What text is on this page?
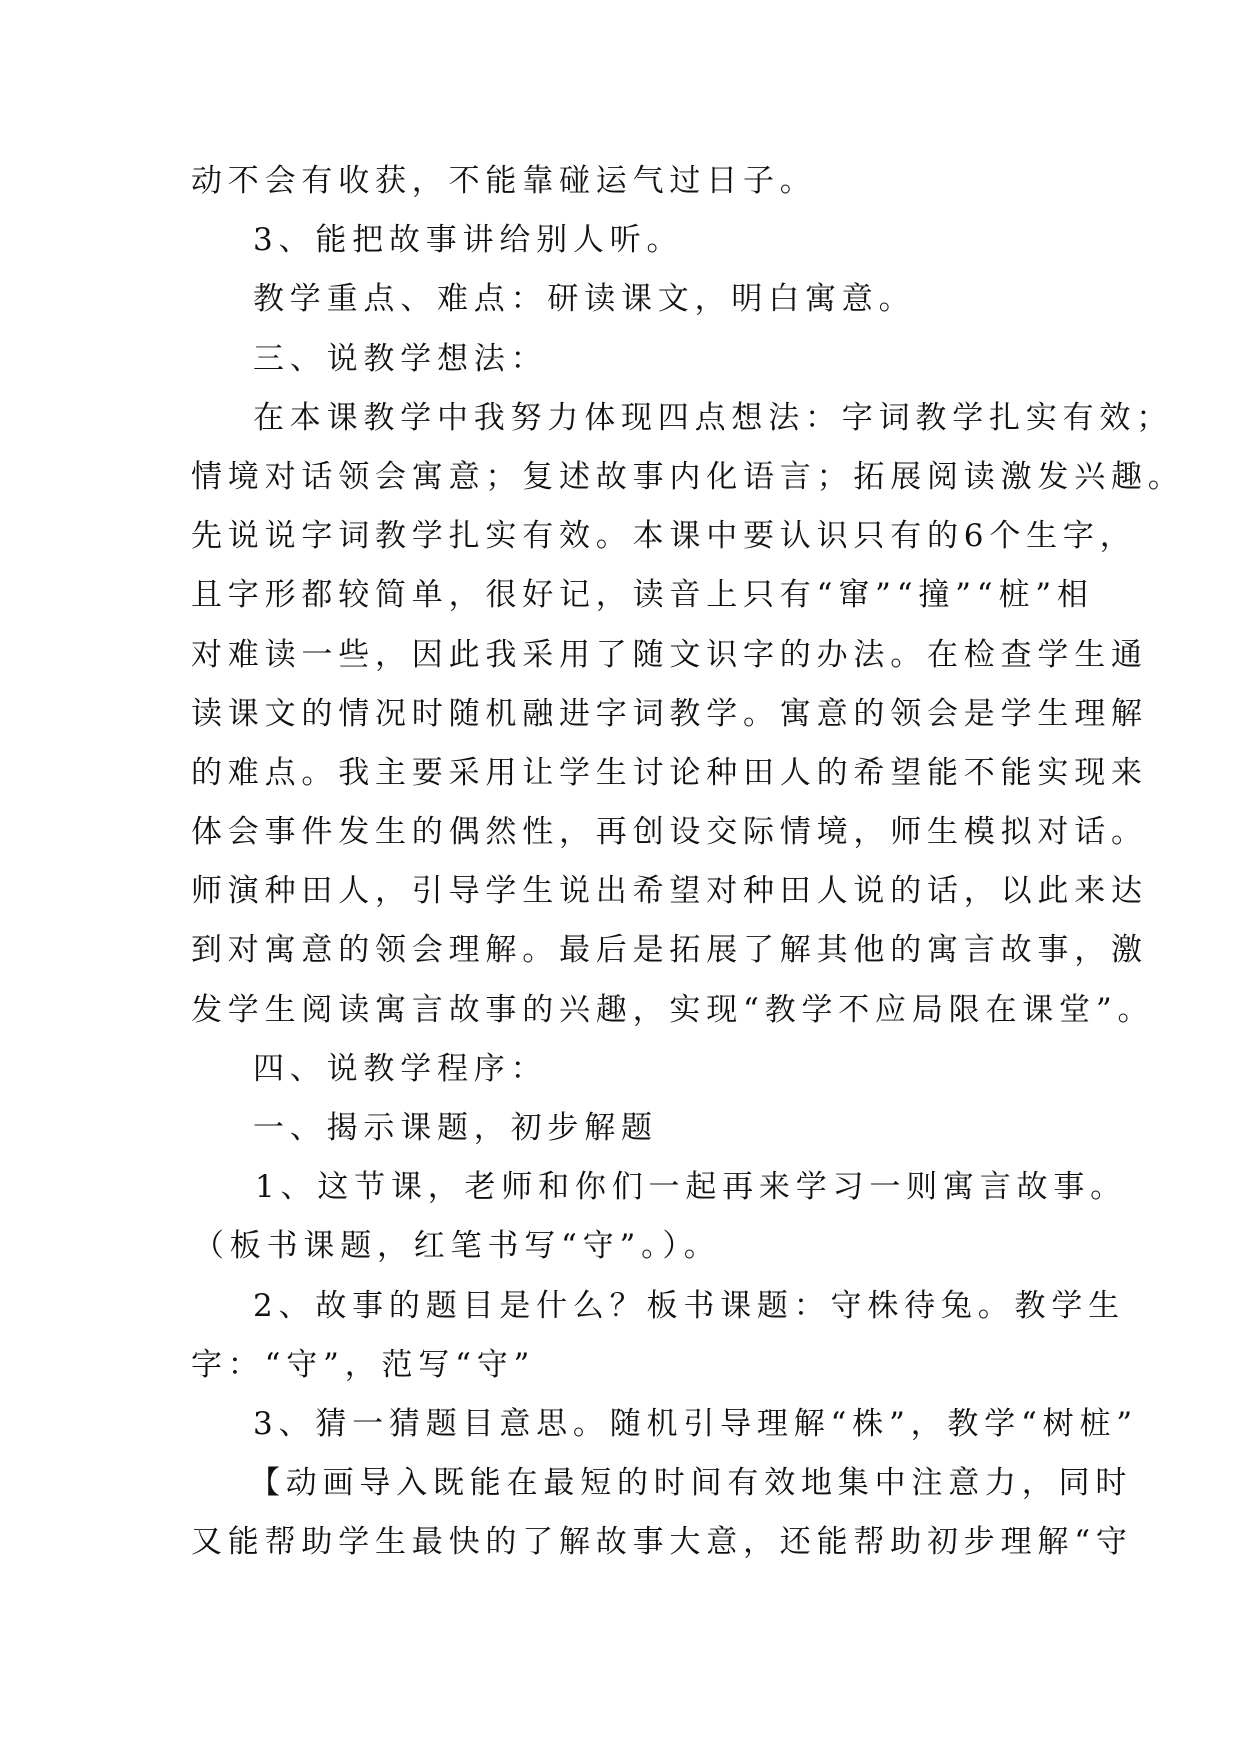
动不会有收获，不能靠碰运气过日子。
3、能把故事讲给别人听。
教学重点、难点：研读课文，明白寓意。
三、说教学想法：
在本课教学中我努力体现四点想法：字词教学扎实有效；
情境对话领会寓意；复述故事内化语言；拓展阅读激发兴趣。
先说说字词教学扎实有效。本课中要认识只有的6个生字，
且字形都较简单，很好记，读音上只有“窜”“撞”“桩”相
对难读一些，因此我采用了随文识字的办法。在检查学生通
读课文的情况时随机融进字词教学。寓意的领会是学生理解
的难点。我主要采用让学生讨论种田人的希望能不能实现来
体会事件发生的偶然性，再创设交际情境，师生模拟对话。
师演种田人，引导学生说出希望对种田人说的话，以此来达
到对寓意的领会理解。最后是拓展了解其他的寓言故事，激
发学生阅读寓言故事的兴趣，实现“教学不应局限在课堂”。
四、说教学程序：
一、揭示课题，初步解题
1、这节课，老师和你们一起再来学习一则寓言故事。
（板书课题，红笔书写“守”。）。
2、故事的题目是什么？板书课题：守株待兔。教学生
字：“守”，范写“守”
3、猜一猜题目意思。随机引导理解“株”，教学“树桩”
【动画导入既能在最短的时间有效地集中注意力，同时
又能帮助学生最快的了解故事大意，还能帮助初步理解“守
